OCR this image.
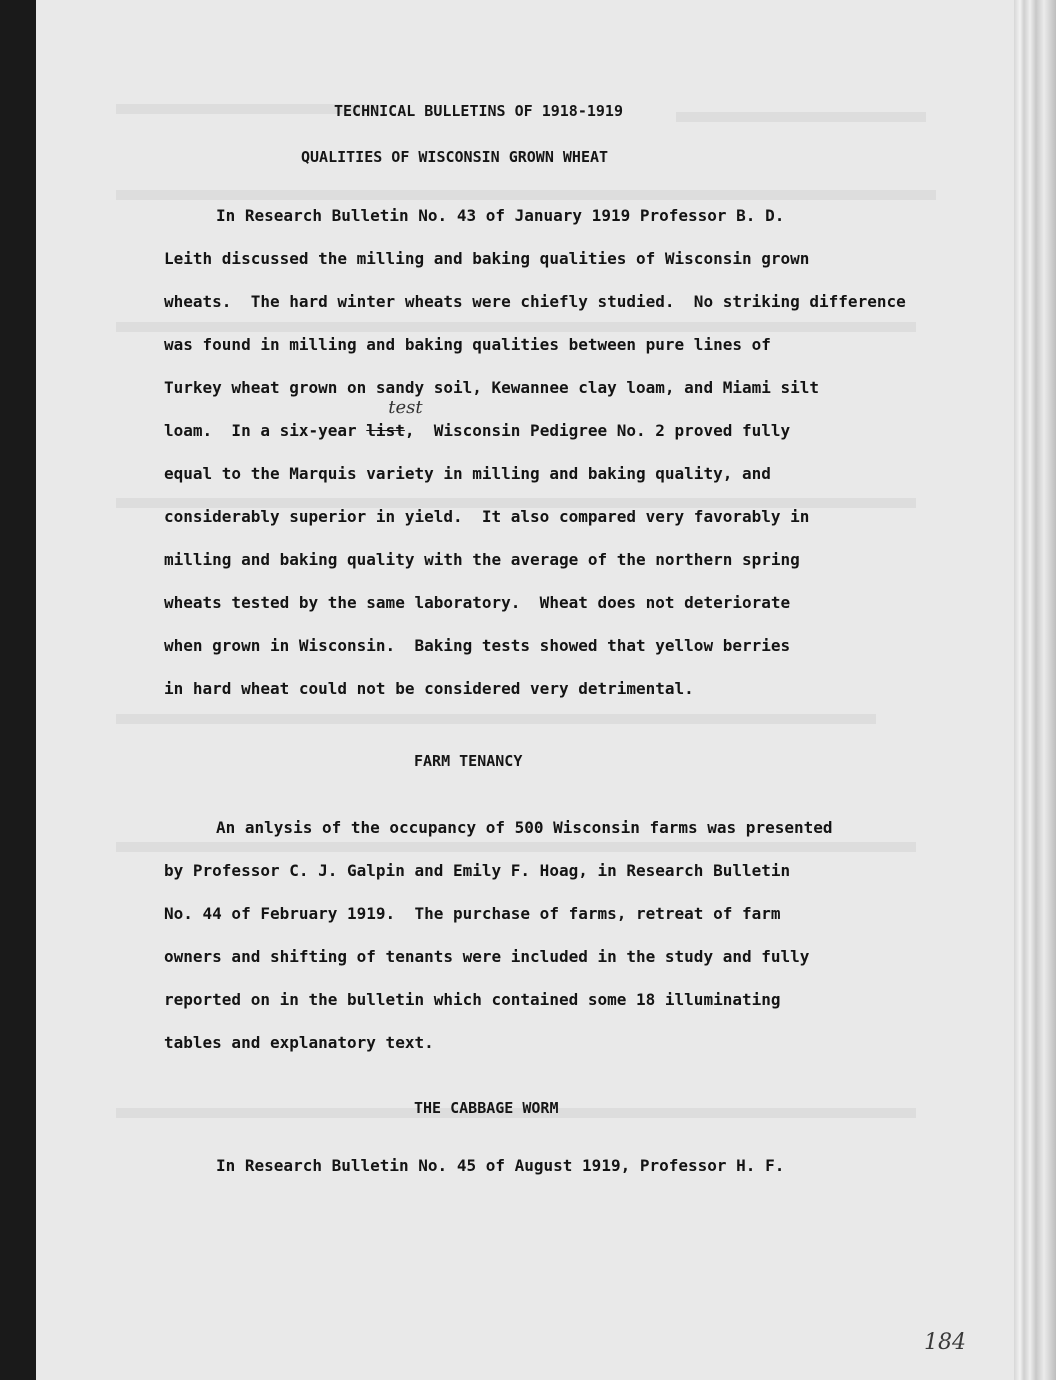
TECHNICAL BULLETINS OF 1918-1919
QUALITIES OF WISCONSIN GROWN WHEAT
In Research Bulletin No. 43 of January 1919 Professor B. D.
Leith discussed the milling and baking qualities of Wisconsin grown
wheats.  The hard winter wheats were chiefly studied.  No striking difference
was found in milling and baking qualities between pure lines of
Turkey wheat grown on sandy soil, Kewannee clay loam, and Miami silt
loam.  In a six-year list
test
,  Wisconsin Pedigree No. 2 proved fully
equal to the Marquis variety in milling and baking quality, and
considerably superior in yield.  It also compared very favorably in
milling and baking quality with the average of the northern spring
wheats tested by the same laboratory.  Wheat does not deteriorate
when grown in Wisconsin.  Baking tests showed that yellow berries
in hard wheat could not be considered very detrimental.
FARM TENANCY
An anlysis of the occupancy of 500 Wisconsin farms was presented
by Professor C. J. Galpin and Emily F. Hoag, in Research Bulletin
No. 44 of February 1919.  The purchase of farms, retreat of farm
owners and shifting of tenants were included in the study and fully
reported on in the bulletin which contained some 18 illuminating
tables and explanatory text.
THE CABBAGE WORM
In Research Bulletin No. 45 of August 1919, Professor H. F.
184
